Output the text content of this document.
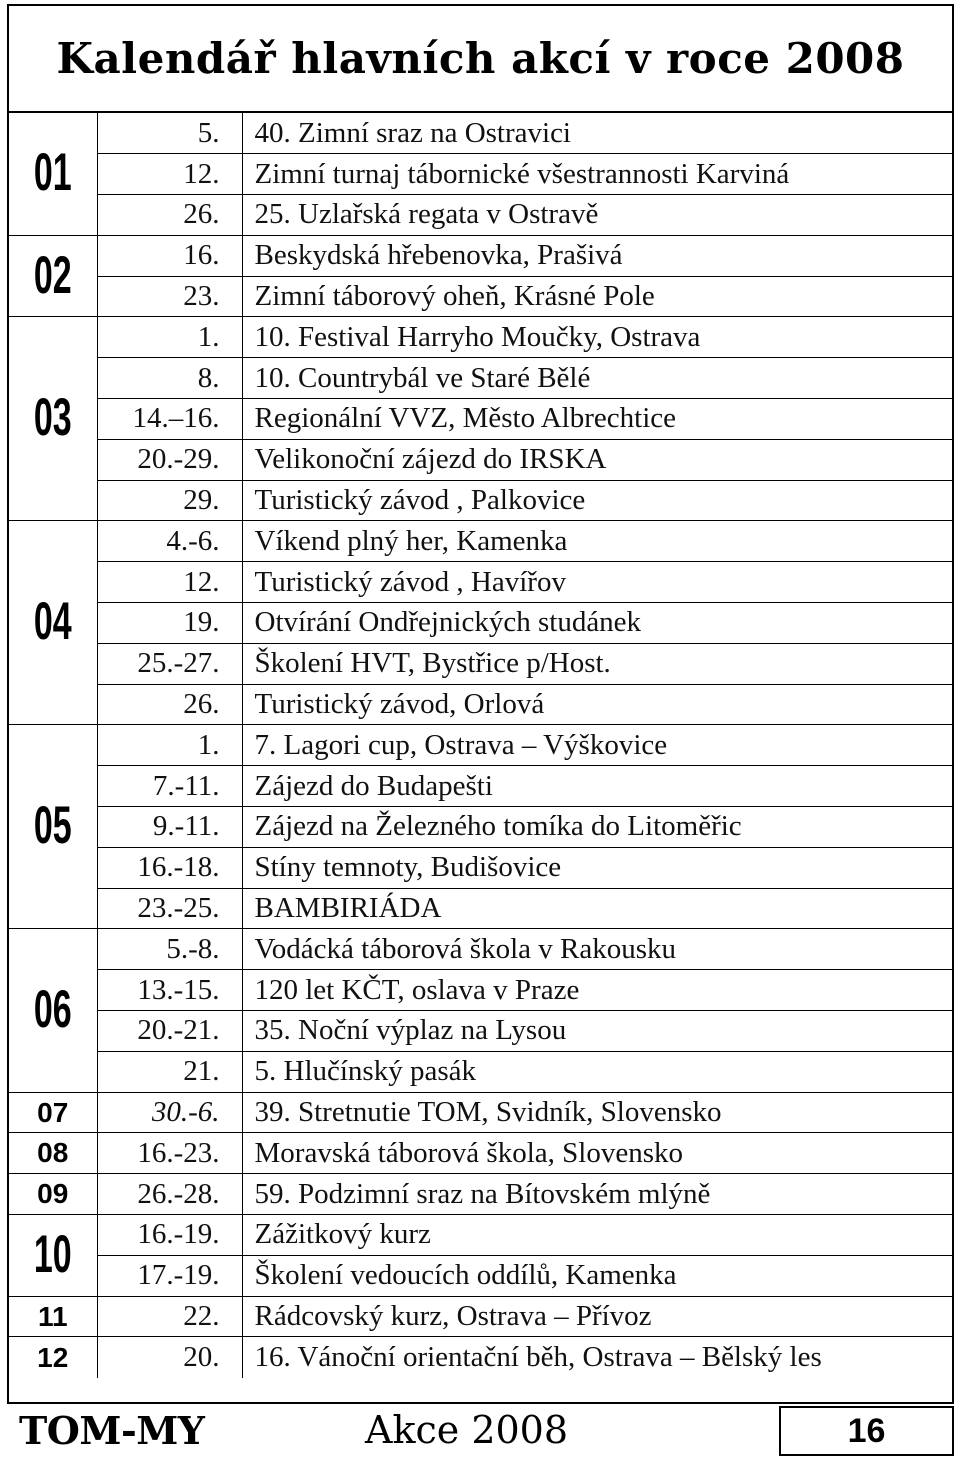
Kalendář hlavních akcí v roce 2008
01	5.	40. Zimní sraz na Ostravici
	12.	Zimní turnaj tábornické všestrannosti Karviná
	26.	25. Uzlařská regata v Ostravě
02	16.	Beskydská hřebenovka, Prašivá
	23.	Zimní táborový oheň, Krásné Pole
03	1.	10. Festival Harryho Moučky, Ostrava
	8.	10. Countrybál ve Staré Bělé
	14.–16.	Regionální VVZ, Město Albrechtice
	20.-29.	Velikonoční zájezd do IRSKA
	29.	Turistický závod , Palkovice
04	4.-6.	Víkend plný her, Kamenka
	12.	Turistický závod , Havířov
	19.	Otvírání Ondřejnických studánek
	25.-27.	Školení HVT, Bystřice p/Host.
	26.	Turistický závod, Orlová
05	1.	7. Lagori cup, Ostrava – Výškovice
	7.-11.	Zájezd do Budapešti
	9.-11.	Zájezd na Železného tomíka do Litoměřic
	16.-18.	Stíny temnoty, Budišovice
	23.-25.	BAMBIRIÁDA
06	5.-8.	Vodácká táborová škola v Rakousku
	13.-15.	120 let KČT, oslava v Praze
	20.-21.	35. Noční výplaz na Lysou
	21.	5. Hlučínský pasák
07	30.-6.	39. Stretnutie TOM, Svidník, Slovensko
08	16.-23.	Moravská táborová škola, Slovensko
09	26.-28.	59. Podzimní sraz na Bítovském mlýně
10	16.-19.	Zážitkový kurz
	17.-19.	Školení vedoucích oddílů, Kamenka
11	22.	Rádcovský kurz, Ostrava – Přívoz
12	20.	16. Vánoční orientační běh, Ostrava – Bělský les
TOM-MY	Akce 2008	16
